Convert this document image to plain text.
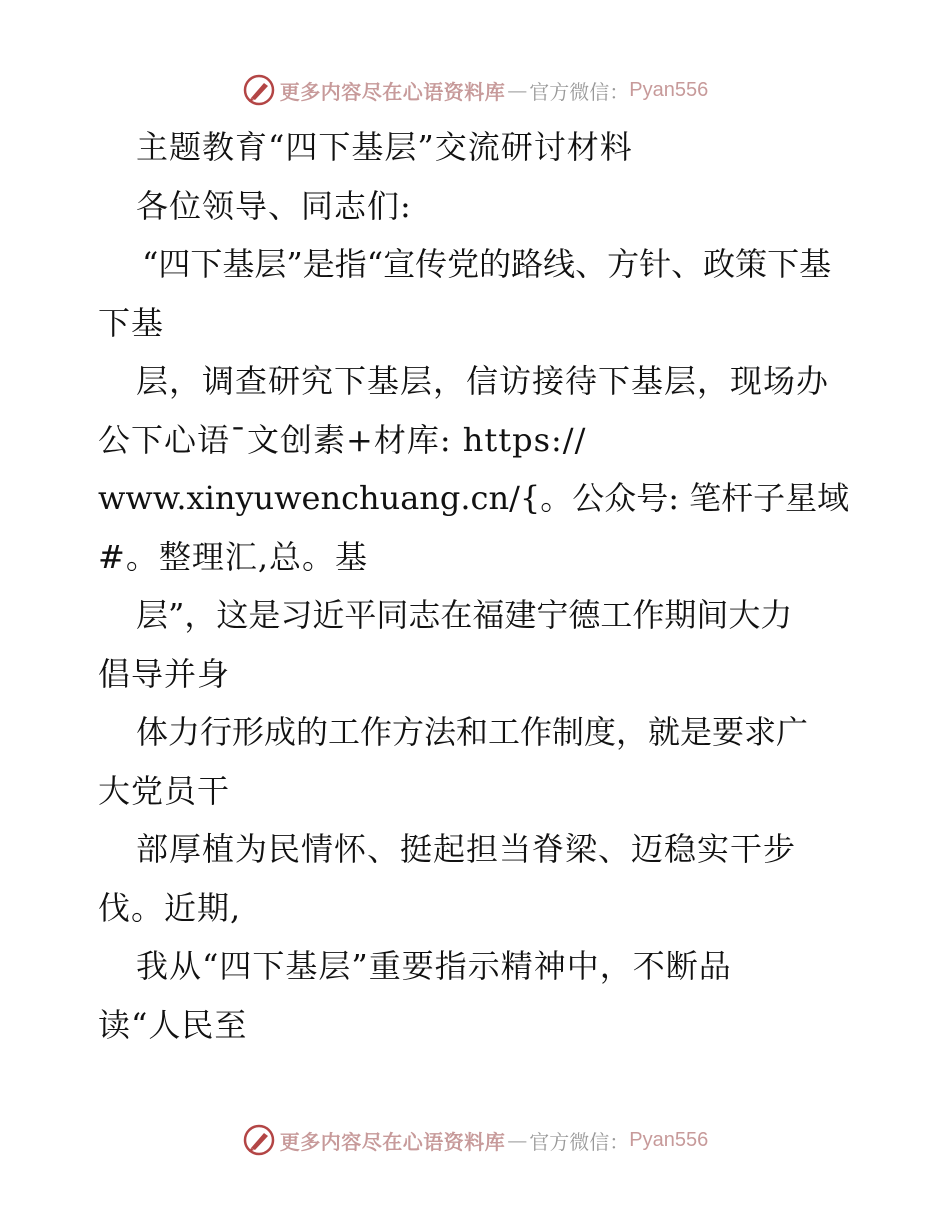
更多内容尽在心语资料库 — 官方微信： Pyan556
主题教育“四下基层”交流研讨材料
各位领导、同志们:
“四下基层”是指“宣传党的路线、方针、政策下基
下基
层，调查研究下基层，信访接待下基层，现场办
公下心语¯文创素+材库: https://
www.xinyuwenchuang.cn/{。公众号: 笔杆子星域
#。整理汇,总。基
层”，这是习近平同志在福建宁德工作期间大力
倡导并身
体力行形成的工作方法和工作制度，就是要求广
大党员干
部厚植为民情怀、挺起担当脊梁、迈稳实干步
伐。近期,
我从“四下基层”重要指示精神中，不断品
读“人民至
更多内容尽在心语资料库 — 官方微信： Pyan556
